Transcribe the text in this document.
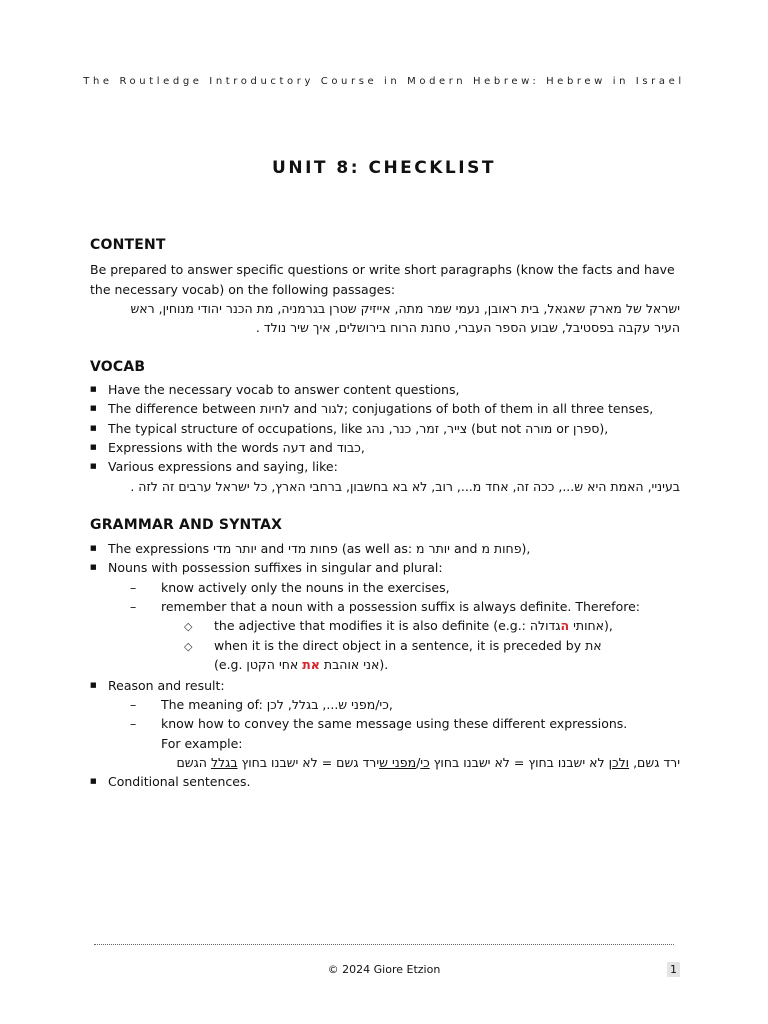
The Routledge Introductory Course in Modern Hebrew: Hebrew in Israel
UNIT 8: CHECKLIST
CONTENT
Be prepared to answer specific questions or write short paragraphs (know the facts and have
the necessary vocab) on the following passages:
ישראל של מארק שאגאל, בית ראובן, נעמי שמר מתה, אייזיק שטרן בגרמניה, מת הכנר יהודי מנוחין, ראש
העיר עקבה בפסטיבל, שבוע הספר העברי, טחנת הרוח בירושלים, איך שיר נולד .
VOCAB
■ Have the necessary vocab to answer content questions,
■ The difference between לחיות and לגור; conjugations of both of them in all three tenses,
■ The typical structure of occupations, like צייר, זמר, כנר, נהג (but not מורה or ספרן),
■ Expressions with the words דעה and כבוד,
■ Various expressions and saying, like:
בעיניי, האמת היא ש..., ככה זה, אחד מ..., רוב, לא בא בחשבון, ברחבי הארץ, כל ישראל ערבים זה לזה .
GRAMMAR AND SYNTAX
■ The expressions יותר מדי and פחות מדי (as well as: יותר מ and פחות מ),
■ Nouns with possession suffixes in singular and plural:
– know actively only the nouns in the exercises,
– remember that a noun with a possession suffix is always definite. Therefore:
◇ the adjective that modifies it is also definite (e.g.:	אחותי הגדולה	),
◇ when it is the direct object in a sentence, it is preceded by את
(e.g.	אני אוהבת את אחי הקטן	).
■ Reason and result:
– The meaning of: כי/מפני ש..., בגלל, לכן,
– know how to convey the same message using these different expressions.
For example:
ירד גשם, ולכן לא ישבנו בחוץ = לא ישבנו בחוץ כי/מפני שירד גשם = לא ישבנו בחוץ בגלל הגשם
■ Conditional sentences.
© 2024 Giore Etzion	1
